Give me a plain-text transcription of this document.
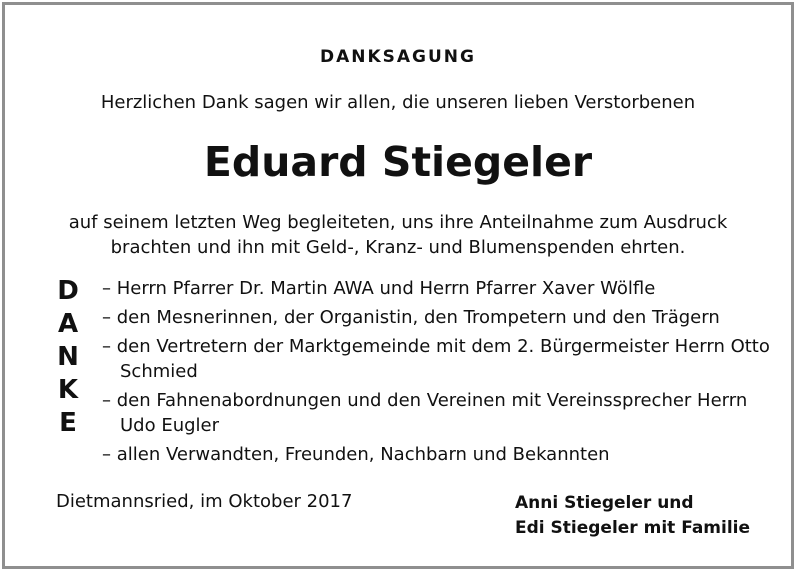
DANKSAGUNG
Herzlichen Dank sagen wir allen, die unseren lieben Verstorbenen
Eduard Stiegeler
auf seinem letzten Weg begleiteten, uns ihre Anteilnahme zum Ausdruck
brachten und ihn mit Geld-, Kranz- und Blumenspenden ehrten.
D
A
N
K
E
– Herrn Pfarrer Dr. Martin AWA und Herrn Pfarrer Xaver Wölfle
– den Mesnerinnen, der Organistin, den Trompetern und den Trägern
– den Vertretern der Marktgemeinde mit dem 2. Bürgermeister Herrn Otto Schmied
– den Fahnenabordnungen und den Vereinen mit Vereinssprecher Herrn Udo Eugler
– allen Verwandten, Freunden, Nachbarn und Bekannten
Dietmannsried, im Oktober 2017	Anni Stiegeler und
Edi Stiegeler mit Familie
